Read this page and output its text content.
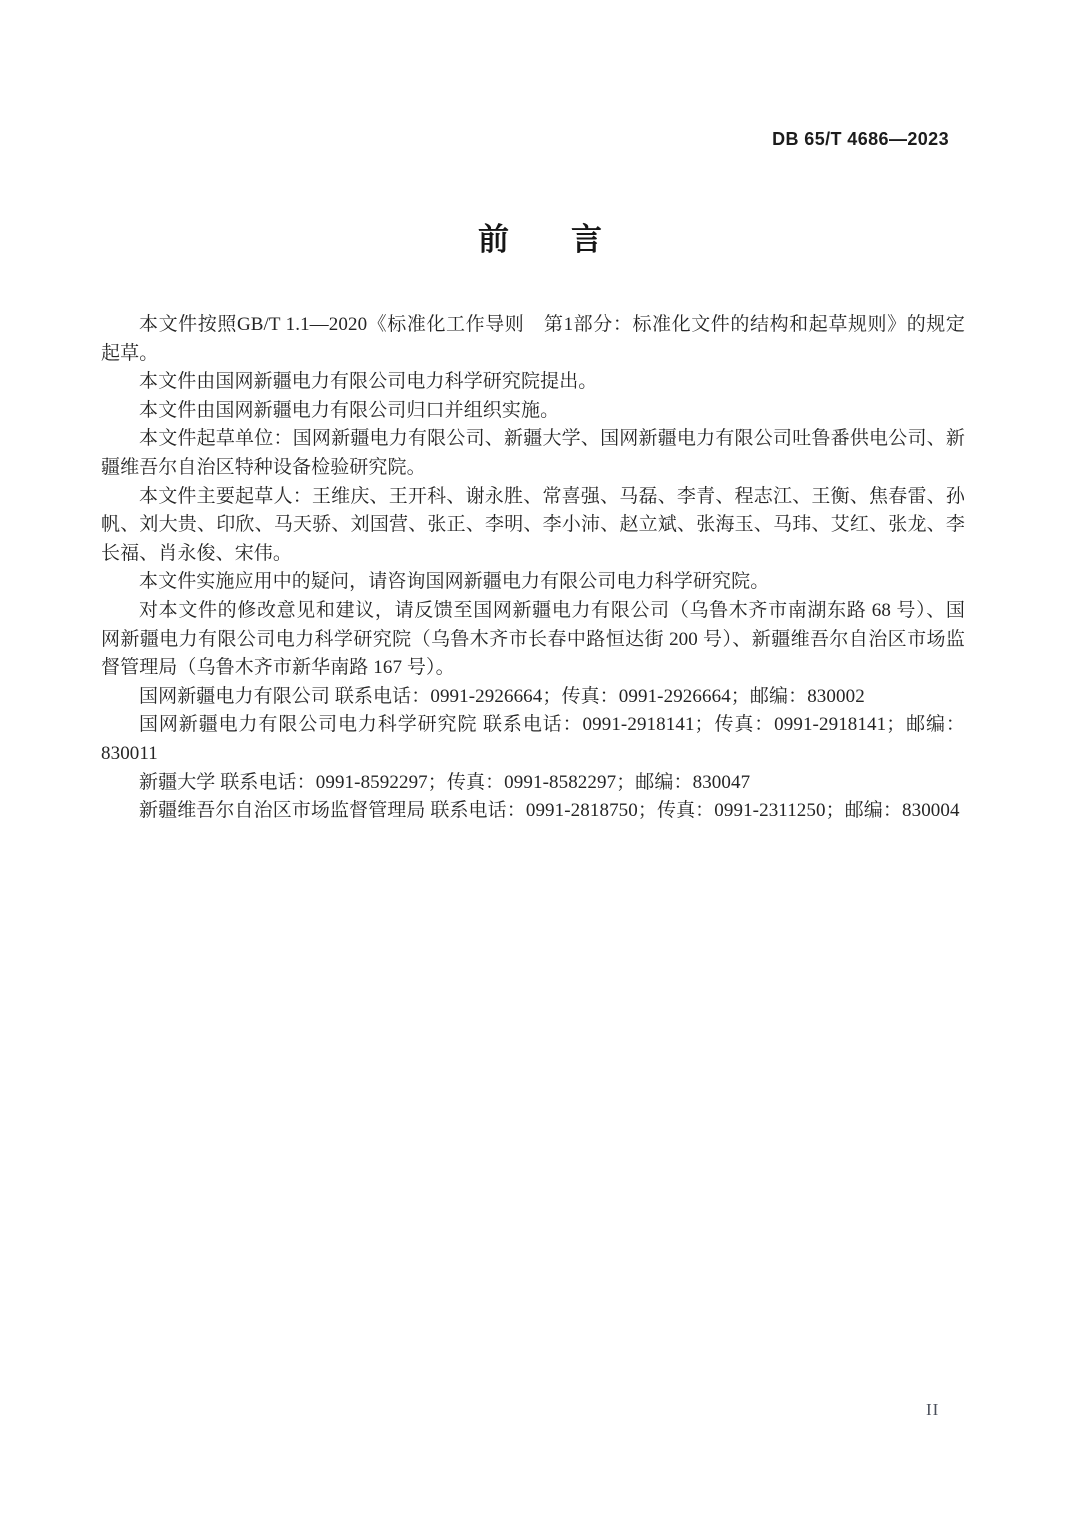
DB 65/T 4686—2023
前 言
本文件按照GB/T 1.1—2020《标准化工作导则　第1部分：标准化文件的结构和起草规则》的规定
起草。
本文件由国网新疆电力有限公司电力科学研究院提出。
本文件由国网新疆电力有限公司归口并组织实施。
本文件起草单位：国网新疆电力有限公司、新疆大学、国网新疆电力有限公司吐鲁番供电公司、新
疆维吾尔自治区特种设备检验研究院。
本文件主要起草人：王维庆、王开科、谢永胜、常喜强、马磊、李青、程志江、王衡、焦春雷、孙
帆、刘大贵、印欣、马天骄、刘国营、张正、李明、李小沛、赵立斌、张海玉、马玮、艾红、张龙、李
长福、肖永俊、宋伟。
本文件实施应用中的疑问，请咨询国网新疆电力有限公司电力科学研究院。
对本文件的修改意见和建议，请反馈至国网新疆电力有限公司（乌鲁木齐市南湖东路 68 号）、国
网新疆电力有限公司电力科学研究院（乌鲁木齐市长春中路恒达街 200 号）、新疆维吾尔自治区市场监
督管理局（乌鲁木齐市新华南路 167 号）。
国网新疆电力有限公司 联系电话：0991-2926664；传真：0991-2926664；邮编：830002
国网新疆电力有限公司电力科学研究院 联系电话：0991-2918141；传真：0991-2918141；邮编：
830011
新疆大学 联系电话：0991-8592297；传真：0991-8582297；邮编：830047
新疆维吾尔自治区市场监督管理局 联系电话：0991-2818750；传真：0991-2311250；邮编：830004
II
